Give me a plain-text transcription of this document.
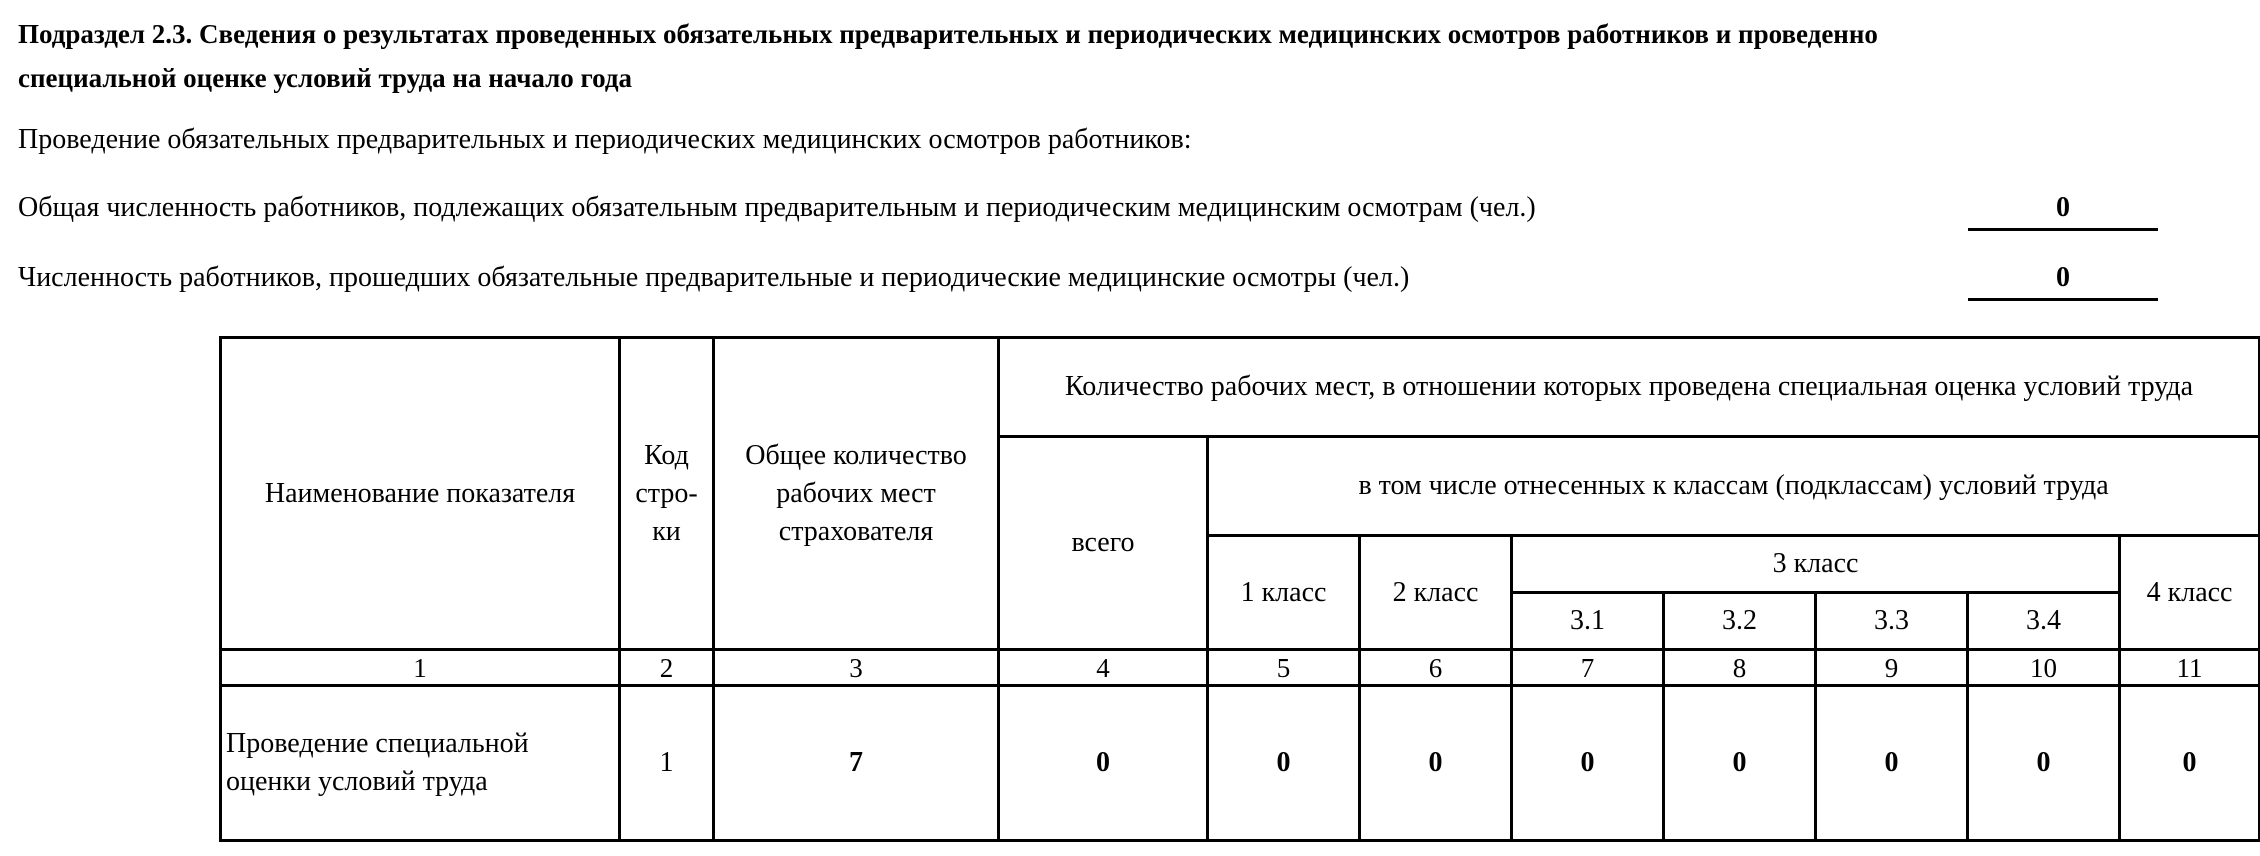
Подраздел 2.3. Сведения о результатах проведенных обязательных предварительных и периодических медицинских осмотров работников и проведенно
специальной оценке условий труда на начало года
Проведение обязательных предварительных и периодических медицинских осмотров работников:
Общая численность работников, подлежащих обязательным предварительным и периодическим медицинским осмотрам (чел.)	0
Численность работников, прошедших обязательные предварительные и периодические медицинские осмотры (чел.)	0
Наименование показателя	Код стро- ки	Общее количество рабочих мест страхователя	Количество рабочих мест, в отношении которых проведена специальная оценка условий труда							
			всего	в том числе отнесенных к классам (подклассам) условий труда						
				1 класс	2 класс	3 класс				4 класс
						3.1	3.2	3.3	3.4	
1	2	3	4	5	6	7	8	9	10	11
Проведение специальной оценки условий труда	1	7	0	0	0	0	0	0	0	0
